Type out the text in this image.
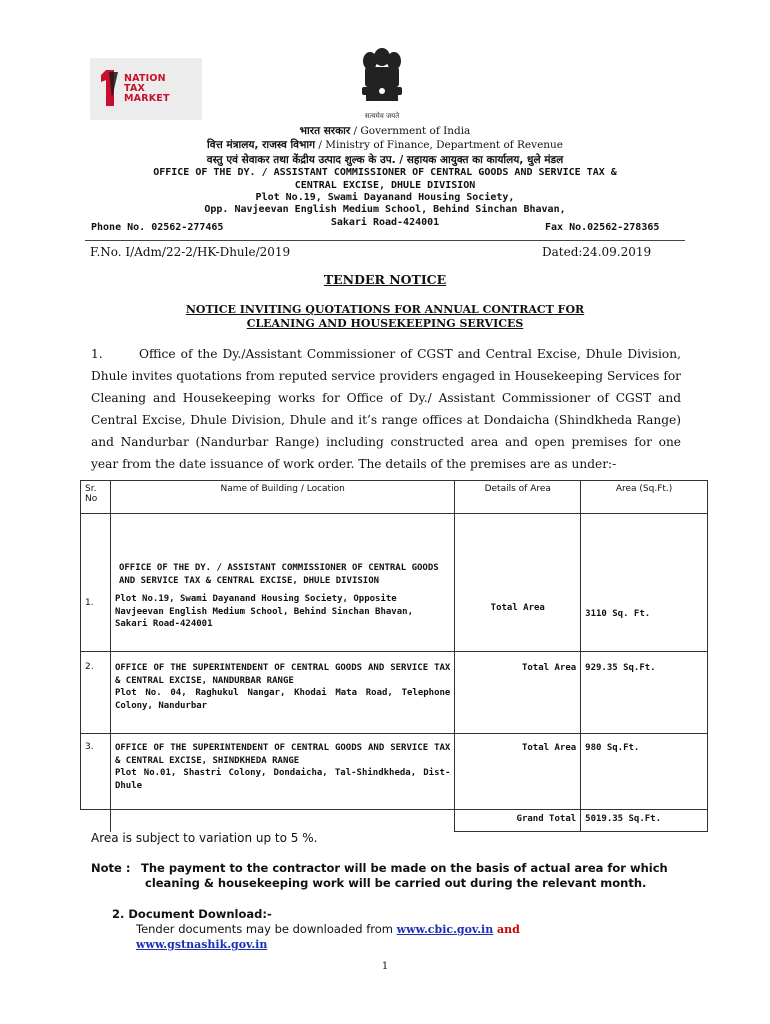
NATION
TAX
MARKET
सत्यमेव जयते
भारत सरकार / Government of India
वित्त मंत्रालय, राजस्व विभाग / Ministry of Finance, Department of Revenue
वस्तु एवं सेवाकर तथा केंद्रीय उत्पाद शुल्क के उप. / सहायक आयुक्त का कार्यालय, धुले मंडल
OFFICE OF THE DY. / ASSISTANT COMMISSIONER OF CENTRAL GOODS AND SERVICE TAX &
CENTRAL EXCISE, DHULE DIVISION
Plot No.19, Swami Dayanand Housing Society,
Opp. Navjeevan English Medium School, Behind Sinchan Bhavan,
Sakari Road-424001
Phone No. 02562-277465	Fax No.02562-278365
F.No. I/Adm/22-2/HK-Dhule/2019	Dated:24.09.2019
TENDER NOTICE
NOTICE INVITING QUOTATIONS FOR ANNUAL CONTRACT FOR
CLEANING AND HOUSEKEEPING SERVICES
1.	Office of the Dy./Assistant Commissioner of CGST and Central Excise, Dhule Division, Dhule invites quotations from reputed service providers engaged in Housekeeping Services for Cleaning and Housekeeping works for Office of Dy./ Assistant Commissioner of CGST and Central Excise, Dhule Division, Dhule and it’s range offices at Dondaicha (Shindkheda Range) and Nandurbar (Nandurbar Range) including constructed area and open premises for one year from the date issuance of work order. The details of the premises are as under:-
Sr. No	Name of Building / Location	Details of Area	Area (Sq.Ft.)
1.	OFFICE OF THE DY. / ASSISTANT COMMISSIONER OF CENTRAL GOODS AND SERVICE TAX & CENTRAL EXCISE, DHULE DIVISION
Plot No.19, Swami Dayanand Housing Society, Opposite Navjeevan English Medium School, Behind Sinchan Bhavan, Sakari Road-424001	Total Area	3110 Sq. Ft.
2.	OFFICE OF THE SUPERINTENDENT OF CENTRAL GOODS AND SERVICE TAX & CENTRAL EXCISE, NANDURBAR RANGE
Plot No. 04, Raghukul Nangar, Khodai Mata Road, Telephone Colony, Nandurbar	Total Area	929.35 Sq.Ft.
3.	OFFICE OF THE SUPERINTENDENT OF CENTRAL GOODS AND SERVICE TAX & CENTRAL EXCISE, SHINDKHEDA RANGE
Plot No.01, Shastri Colony, Dondaicha, Tal-Shindkheda, Dist-Dhule	Total Area	980 Sq.Ft.
		Grand Total	5019.35 Sq.Ft.
Area is subject to variation up to 5 %.
Note : The payment to the contractor will be made on the basis of actual area for which
cleaning & housekeeping work will be carried out during the relevant month.
2. Document Download:-
Tender documents may be downloaded from www.cbic.gov.in and
www.gstnashik.gov.in
1
